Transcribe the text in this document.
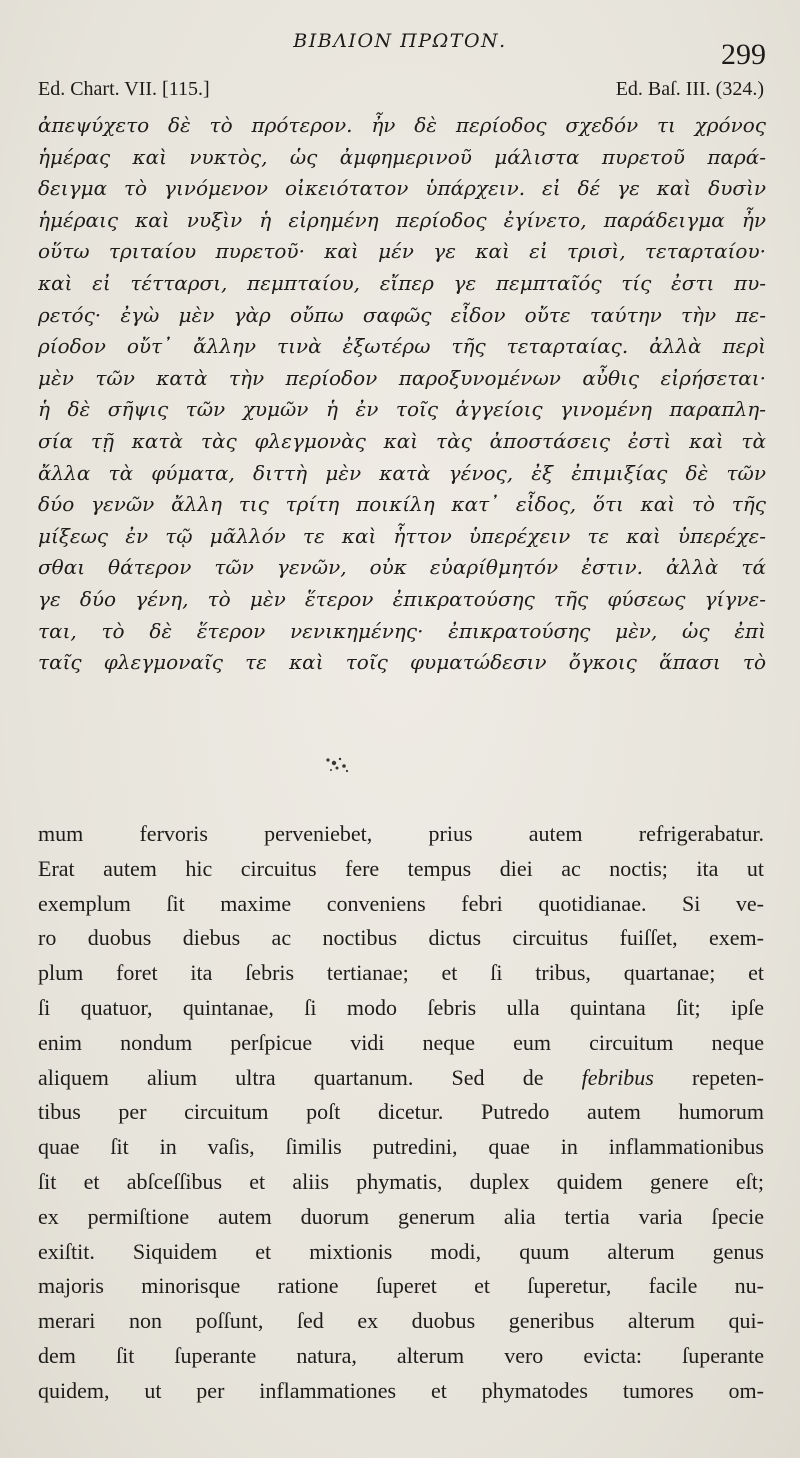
ΒΙΒΛΙΟΝ ΠΡΩΤΟΝ.	299
Ed. Chart. VII. [115.]	Ed. Baſ. III. (324.)
ἀπεψύχετο δὲ τὸ πρότερον. ἦν δὲ περίοδος σχεδόν τι χρόνος
ἡμέρας καὶ νυκτὸς, ὡς ἀμφημερινοῦ μάλιστα πυρετοῦ παρά-
δειγμα τὸ γινόμενον οἰκειότατον ὑπάρχειν. εἰ δέ γε καὶ δυσὶν
ἡμέραις καὶ νυξὶν ἡ εἰρημένη περίοδος ἐγίνετο, παράδειγμα ἦν
οὕτω τριταίου πυρετοῦ· καὶ μέν γε καὶ εἰ τρισὶ, τεταρταίου·
καὶ εἰ τέτταρσι, πεμπταίου, εἴπερ γε πεμπταῖός τίς ἐστι πυ-
ρετός· ἐγὼ μὲν γὰρ οὔπω σαφῶς εἶδον οὔτε ταύτην τὴν πε-
ρίοδον οὔτ᾽ ἄλλην τινὰ ἐξωτέρω τῆς τεταρταίας. ἀλλὰ περὶ
μὲν τῶν κατὰ τὴν περίοδον παροξυνομένων αὖθις εἰρήσεται·
ἡ δὲ σῆψις τῶν χυμῶν ἡ ἐν τοῖς ἀγγείοις γινομένη παραπλη-
σία τῇ κατὰ τὰς φλεγμονὰς καὶ τὰς ἀποστάσεις ἐστὶ καὶ τὰ
ἄλλα τὰ φύματα, διττὴ μὲν κατὰ γένος, ἐξ ἐπιμιξίας δὲ τῶν
δύο γενῶν ἄλλη τις τρίτη ποικίλη κατ᾽ εἶδος, ὅτι καὶ τὸ τῆς
μίξεως ἐν τῷ μᾶλλόν τε καὶ ἧττον ὑπερέχειν τε καὶ ὑπερέχε-
σθαι θάτερον τῶν γενῶν, οὐκ εὐαρίθμητόν ἐστιν. ἀλλὰ τά
γε δύο γένη, τὸ μὲν ἕτερον ἐπικρατούσης τῆς φύσεως γίγνε-
ται, τὸ δὲ ἕτερον νενικημένης· ἐπικρατούσης μὲν, ὡς ἐπὶ
ταῖς φλεγμοναῖς τε καὶ τοῖς φυματώδεσιν ὄγκοις ἅπασι τὸ
mum fervoris perveniebet, prius autem refrigerabatur.
Erat autem hic circuitus fere tempus diei ac noctis; ita ut
exemplum ſit maxime conveniens febri quotidianae. Si ve-
ro duobus diebus ac noctibus dictus circuitus fuiſſet, exem-
plum foret ita ſebris tertianae; et ſi tribus, quartanae; et
ſi quatuor, quintanae, ſi modo ſebris ulla quintana ſit; ipſe
enim nondum perſpicue vidi neque eum circuitum neque
aliquem alium ultra quartanum. Sed de febribus repeten-
tibus per circuitum poſt dicetur. Putredo autem humorum
quae ſit in vaſis, ſimilis putredini, quae in inflammationibus
ſit et abſceſſibus et aliis phymatis, duplex quidem genere eſt;
ex permiſtione autem duorum generum alia tertia varia ſpecie
exiſtit. Siquidem et mixtionis modi, quum alterum genus
majoris minorisque ratione ſuperet et ſuperetur, facile nu-
merari non poſſunt, ſed ex duobus generibus alterum qui-
dem ſit ſuperante natura, alterum vero evicta: ſuperante
quidem, ut per inflammationes et phymatodes tumores om-
